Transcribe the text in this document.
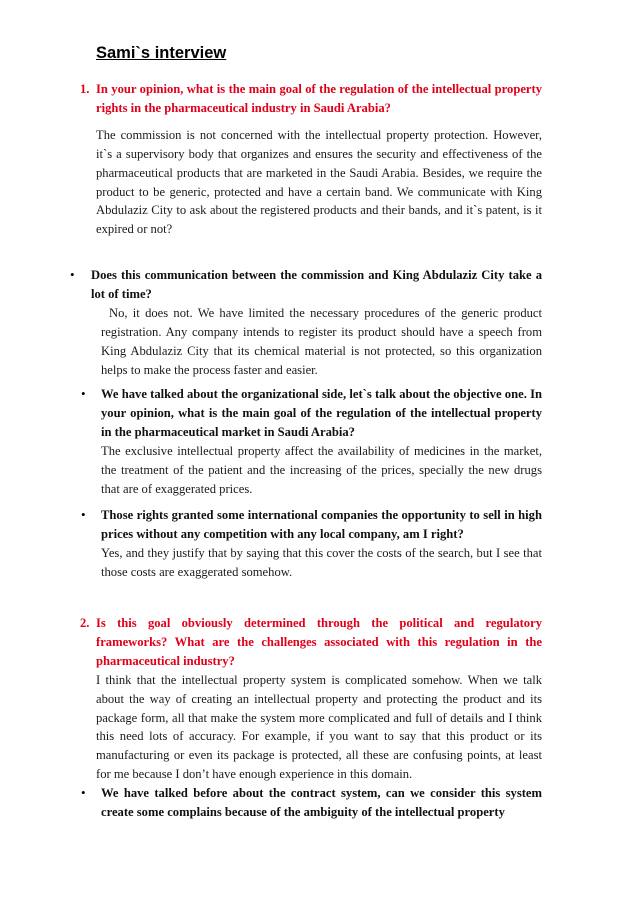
Sami`s interview
1. In your opinion, what is the main goal of the regulation of the intellectual property rights in the pharmaceutical industry in Saudi Arabia?

The commission is not concerned with the intellectual property protection. However, it`s a supervisory body that organizes and ensures the security and effectiveness of the pharmaceutical products that are marketed in the Saudi Arabia. Besides, we require the product to be generic, protected and have a certain band. We communicate with King Abdulaziz City to ask about the registered products and their bands, and it`s patent, is it expired or not?

• Does this communication between the commission and King Abdulaziz City take a lot of time?

No, it does not. We have limited the necessary procedures of the generic product registration. Any company intends to register its product should have a speech from King Abdulaziz City that its chemical material is not protected, so this organization helps to make the process faster and easier.

• We have talked about the organizational side, let`s talk about the objective one. In your opinion, what is the main goal of the regulation of the intellectual property in the pharmaceutical market in Saudi Arabia?

The exclusive intellectual property affect the availability of medicines in the market, the treatment of the patient and the increasing of the prices, specially the new drugs that are of exaggerated prices.

• Those rights granted some international companies the opportunity to sell in high prices without any competition with any local company, am I right?

Yes, and they justify that by saying that this cover the costs of the search, but I see that those costs are exaggerated somehow.

2. Is this goal obviously determined through the political and regulatory frameworks? What are the challenges associated with this regulation in the pharmaceutical industry?

I think that the intellectual property system is complicated somehow. When we talk about the way of creating an intellectual property and protecting the product and its package form, all that make the system more complicated and full of details and I think this need lots of accuracy. For example, if you want to say that this product or its manufacturing or even its package is protected, all these are confusing points, at least for me because I don’t have enough experience in this domain.

• We have talked before about the contract system, can we consider this system create some complains because of the ambiguity of the intellectual property
